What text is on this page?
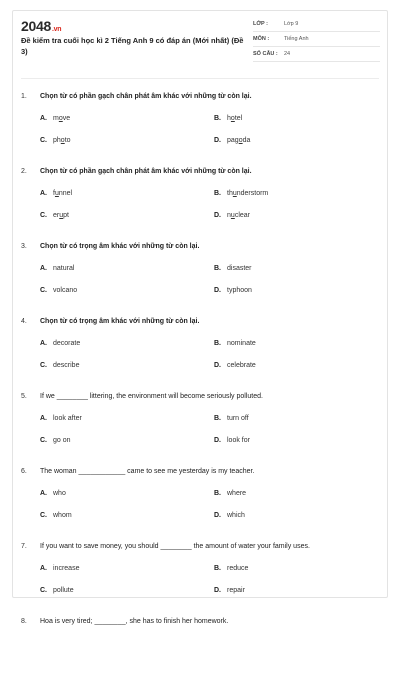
2048.vn
Đề kiểm tra cuối học kì 2 Tiếng Anh 9 có đáp án (Mới nhất) (Đề 3)
LỚP :	Lớp 9
MÔN :	Tiếng Anh
SỐ CÂU : 24
1. Chọn từ có phần gạch chân phát âm khác với những từ còn lại.
A. move	B. hotel
C. photo	D. pagoda
2. Chọn từ có phần gạch chân phát âm khác với những từ còn lại.
A. funnel	B. thunderstorm
C. erupt	D. nuclear
3. Chọn từ có trọng âm khác với những từ còn lại.
A. natural	B. disaster
C. volcano	D. typhoon
4. Chọn từ có trọng âm khác với những từ còn lại.
A. decorate	B. nominate
C. describe	D. celebrate
5. If we ________ littering, the environment will become seriously polluted.
A. look after	B. turn off
C. go on	D. look for
6. The woman ____________ came to see me yesterday is my teacher.
A. who	B. where
C. whom	D. which
7. If you want to save money, you should ________ the amount of water your family uses.
A. increase	B. reduce
C. pollute	D. repair
8. Hoa is very tired; ________, she has to finish her homework.
